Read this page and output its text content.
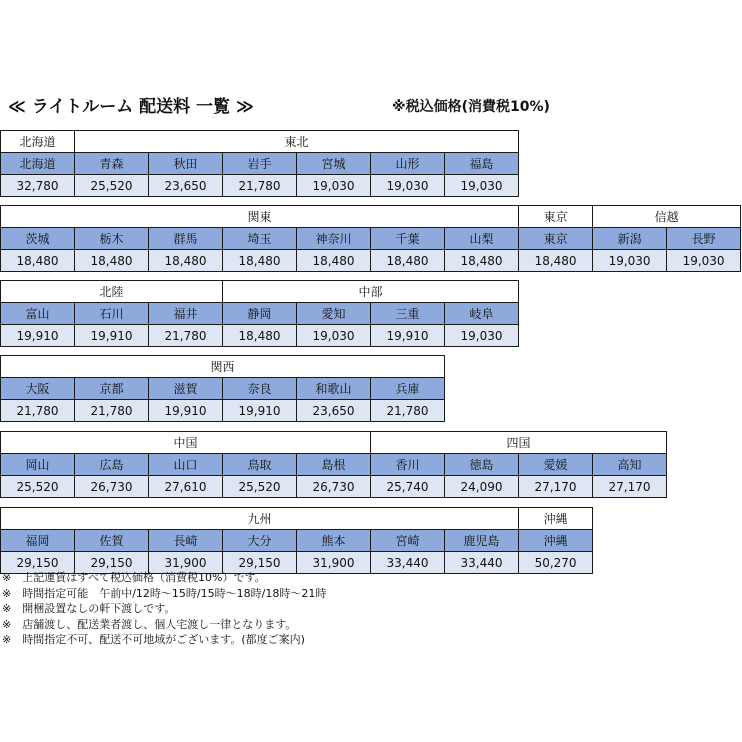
≪ ライトルーム 配送料 一覧 ≫	※税込価格(消費税10%)
北海道	東北					
北海道	青森	秋田	岩手	宮城	山形	福島
32,780	25,520	23,650	21,780	19,030	19,030	19,030
関東							東京	信越	
茨城	栃木	群馬	埼玉	神奈川	千葉	山梨	東京	新潟	長野
18,480	18,480	18,480	18,480	18,480	18,480	18,480	18,480	19,030	19,030
北陸			中部			
富山	石川	福井	静岡	愛知	三重	岐阜
19,910	19,910	21,780	18,480	19,030	19,910	19,030
関西					
大阪	京都	滋賀	奈良	和歌山	兵庫
21,780	21,780	19,910	19,910	23,650	21,780
中国					四国			
岡山	広島	山口	鳥取	島根	香川	徳島	愛媛	高知
25,520	26,730	27,610	25,520	26,730	25,740	24,090	27,170	27,170
九州							沖縄
福岡	佐賀	長崎	大分	熊本	宮崎	鹿児島	沖縄
29,150	29,150	31,900	29,150	31,900	33,440	33,440	50,270
※　上記運賃はすべて税込価格（消費税10%）です。
※　時間指定可能　午前中/12時～15時/15時～18時/18時～21時
※　開梱設置なしの軒下渡しです。
※　店舗渡し、配送業者渡し、個人宅渡し一律となります。
※　時間指定不可、配送不可地域がございます。(都度ご案内)
